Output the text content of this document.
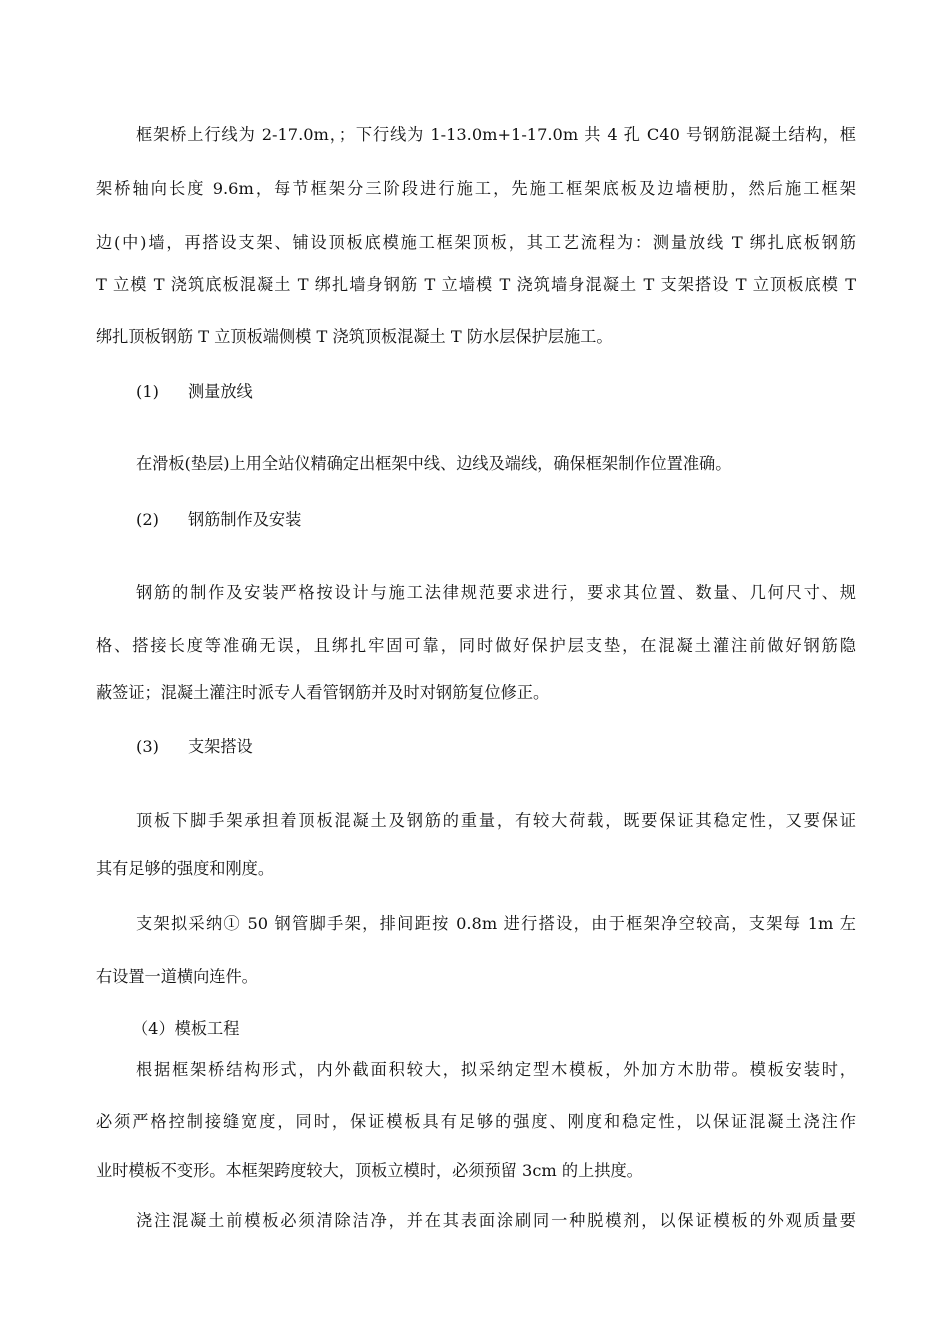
框架桥上行线为 2-17.0m，；下行线为 1-13.0m+1-17.0m 共 4 孔 C40 号钢筋混凝土结构，框
架桥轴向长度 9.6m，每节框架分三阶段进行施工，先施工框架底板及边墙梗肋，然后施工框架
边(中)墙，再搭设支架、铺设顶板底模施工框架顶板，其工艺流程为：测量放线 T 绑扎底板钢筋
T 立模 T 浇筑底板混凝土 T 绑扎墙身钢筋 T 立墙模 T 浇筑墙身混凝土 T 支架搭设 T 立顶板底模 T
绑扎顶板钢筋 T 立顶板端侧模 T 浇筑顶板混凝土 T 防水层保护层施工。
(1) 测量放线
在滑板(垫层)上用全站仪精确定出框架中线、边线及端线，确保框架制作位置准确。
(2) 钢筋制作及安装
钢筋的制作及安装严格按设计与施工法律规范要求进行，要求其位置、数量、几何尺寸、规
格、搭接长度等准确无误，且绑扎牢固可靠，同时做好保护层支垫，在混凝土灌注前做好钢筋隐
蔽签证；混凝土灌注时派专人看管钢筋并及时对钢筋复位修正。
(3) 支架搭设
顶板下脚手架承担着顶板混凝土及钢筋的重量，有较大荷载，既要保证其稳定性，又要保证
其有足够的强度和刚度。
支架拟采纳① 50 钢管脚手架，排间距按 0.8m 进行搭设，由于框架净空较高，支架每 1m 左
右设置一道横向连件。
（4）模板工程
根据框架桥结构形式，内外截面积较大，拟采纳定型木模板，外加方木肋带。模板安装时，
必须严格控制接缝宽度，同时，保证模板具有足够的强度、刚度和稳定性，以保证混凝土浇注作
业时模板不变形。本框架跨度较大，顶板立模时，必须预留 3cm 的上拱度。
浇注混凝土前模板必须清除洁净，并在其表面涂刷同一种脱模剂，以保证模板的外观质量要
